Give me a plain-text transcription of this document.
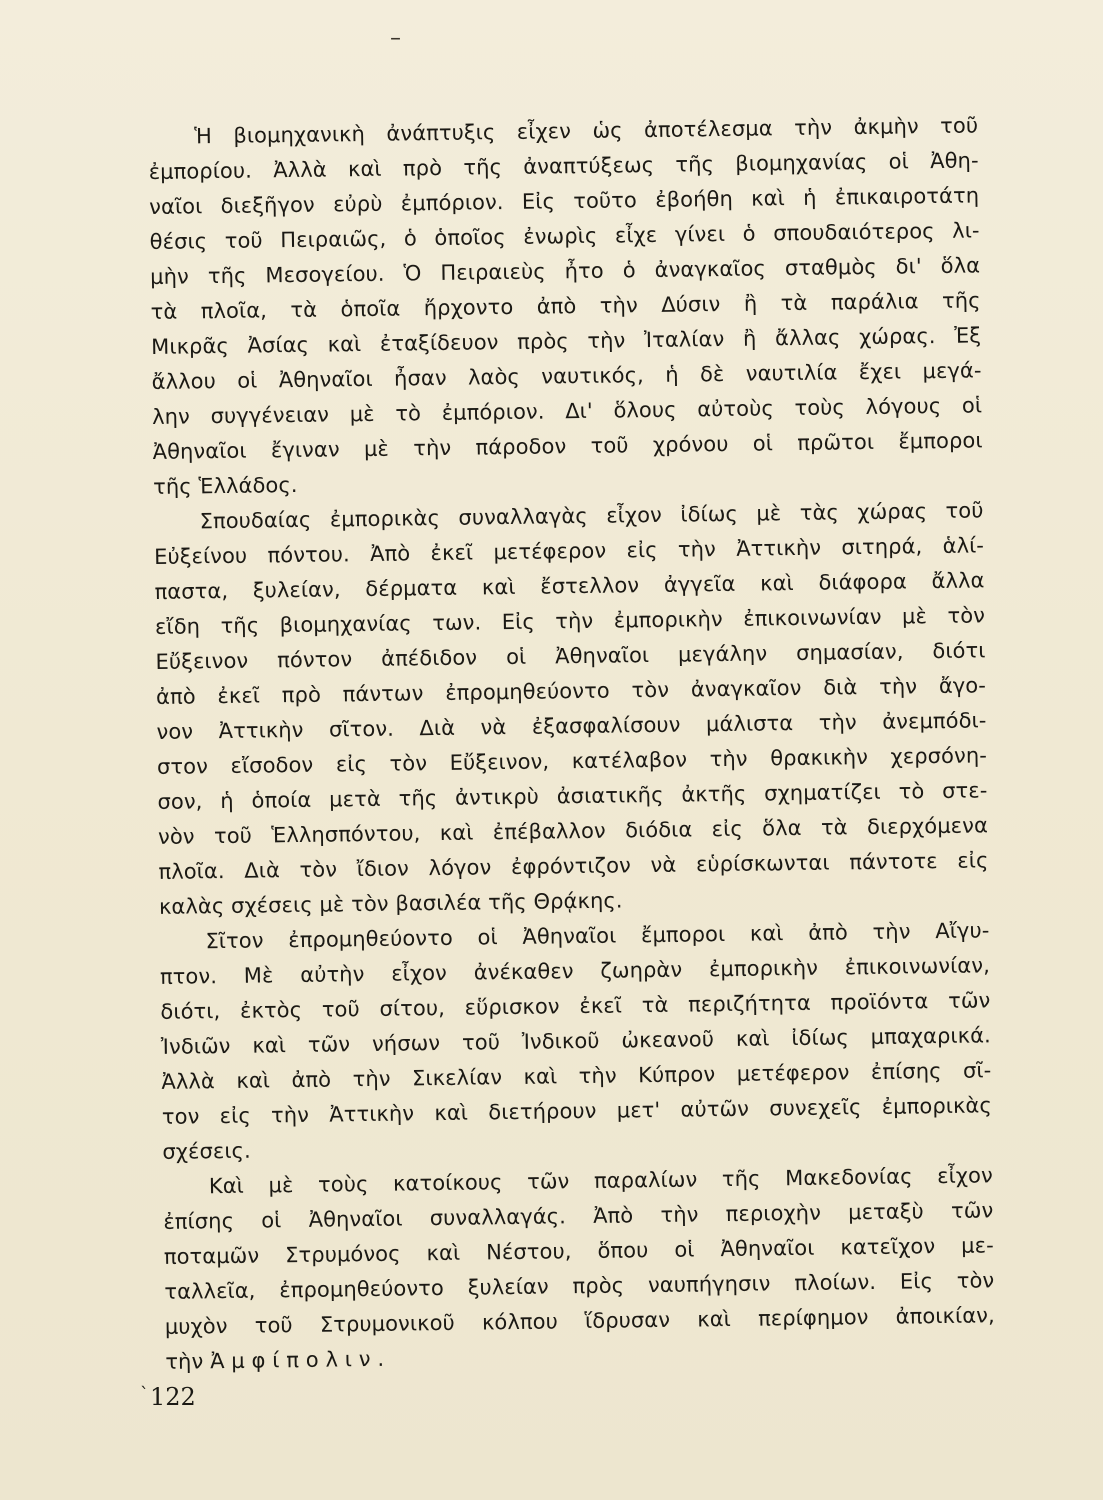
–
Ἡ βιομηχανικὴ ἀνάπτυξις εἶχεν ὡς ἀποτέλεσμα τὴν ἀκμὴν τοῦ
ἐμπορίου. Ἀλλὰ καὶ πρὸ τῆς ἀναπτύξεως τῆς βιομηχανίας οἱ Ἀθη-
ναῖοι διεξῆγον εὐρὺ ἐμπόριον. Εἰς τοῦτο ἐβοήθη καὶ ἡ ἐπικαιροτάτη
θέσις τοῦ Πειραιῶς, ὁ ὁποῖος ἐνωρὶς εἶχε γίνει ὁ σπουδαιότερος λι-
μὴν τῆς Μεσογείου. Ὁ Πειραιεὺς ἦτο ὁ ἀναγκαῖος σταθμὸς δι' ὅλα
τὰ πλοῖα, τὰ ὁποῖα ἤρχοντο ἀπὸ τὴν Δύσιν ἢ τὰ παράλια τῆς
Μικρᾶς Ἀσίας καὶ ἐταξίδευον πρὸς τὴν Ἰταλίαν ἢ ἄλλας χώρας. Ἐξ
ἄλλου οἱ Ἀθηναῖοι ἦσαν λαὸς ναυτικός, ἡ δὲ ναυτιλία ἔχει μεγά-
λην συγγένειαν μὲ τὸ ἐμπόριον. Δι' ὅλους αὐτοὺς τοὺς λόγους οἱ
Ἀθηναῖοι ἔγιναν μὲ τὴν πάροδον τοῦ χρόνου οἱ πρῶτοι ἔμποροι
τῆς Ἑλλάδος.
Σπουδαίας ἐμπορικὰς συναλλαγὰς εἶχον ἰδίως μὲ τὰς χώρας τοῦ
Εὐξείνου πόντου. Ἀπὸ ἐκεῖ μετέφερον εἰς τὴν Ἀττικὴν σιτηρά, ἁλί-
παστα, ξυλείαν, δέρματα καὶ ἔστελλον ἀγγεῖα καὶ διάφορα ἄλλα
εἴδη τῆς βιομηχανίας των. Εἰς τὴν ἐμπορικὴν ἐπικοινωνίαν μὲ τὸν
Εὔξεινον πόντον ἀπέδιδον οἱ Ἀθηναῖοι μεγάλην σημασίαν, διότι
ἀπὸ ἐκεῖ πρὸ πάντων ἐπρομηθεύοντο τὸν ἀναγκαῖον διὰ τὴν ἄγο-
νον Ἀττικὴν σῖτον. Διὰ νὰ ἐξασφαλίσουν μάλιστα τὴν ἀνεμπόδι-
στον εἴσοδον εἰς τὸν Εὔξεινον, κατέλαβον τὴν θρακικὴν χερσόνη-
σον, ἡ ὁποία μετὰ τῆς ἀντικρὺ ἀσιατικῆς ἀκτῆς σχηματίζει τὸ στε-
νὸν τοῦ Ἑλλησπόντου, καὶ ἐπέβαλλον διόδια εἰς ὅλα τὰ διερχόμενα
πλοῖα. Διὰ τὸν ἴδιον λόγον ἐφρόντιζον νὰ εὑρίσκωνται πάντοτε εἰς
καλὰς σχέσεις μὲ τὸν βασιλέα τῆς Θρᾴκης.
Σῖτον ἐπρομηθεύοντο οἱ Ἀθηναῖοι ἔμποροι καὶ ἀπὸ τὴν Αἴγυ-
πτον. Μὲ αὐτὴν εἶχον ἀνέκαθεν ζωηρὰν ἐμπορικὴν ἐπικοινωνίαν,
διότι, ἐκτὸς τοῦ σίτου, εὕρισκον ἐκεῖ τὰ περιζήτητα προϊόντα τῶν
Ἰνδιῶν καὶ τῶν νήσων τοῦ Ἰνδικοῦ ὠκεανοῦ καὶ ἰδίως μπαχαρικά.
Ἀλλὰ καὶ ἀπὸ τὴν Σικελίαν καὶ τὴν Κύπρον μετέφερον ἐπίσης σῖ-
τον εἰς τὴν Ἀττικὴν καὶ διετήρουν μετ' αὐτῶν συνεχεῖς ἐμπορικὰς
σχέσεις.
Καὶ μὲ τοὺς κατοίκους τῶν παραλίων τῆς Μακεδονίας εἶχον
ἐπίσης οἱ Ἀθηναῖοι συναλλαγάς. Ἀπὸ τὴν περιοχὴν μεταξὺ τῶν
ποταμῶν Στρυμόνος καὶ Νέστου, ὅπου οἱ Ἀθηναῖοι κατεῖχον με-
ταλλεῖα, ἐπρομηθεύοντο ξυλείαν πρὸς ναυπήγησιν πλοίων. Εἰς τὸν
μυχὸν τοῦ Στρυμονικοῦ κόλπου ἵδρυσαν καὶ περίφημον ἀποικίαν,
τὴν Ἀ μ φ ί π ο λ ι ν .
` 122
